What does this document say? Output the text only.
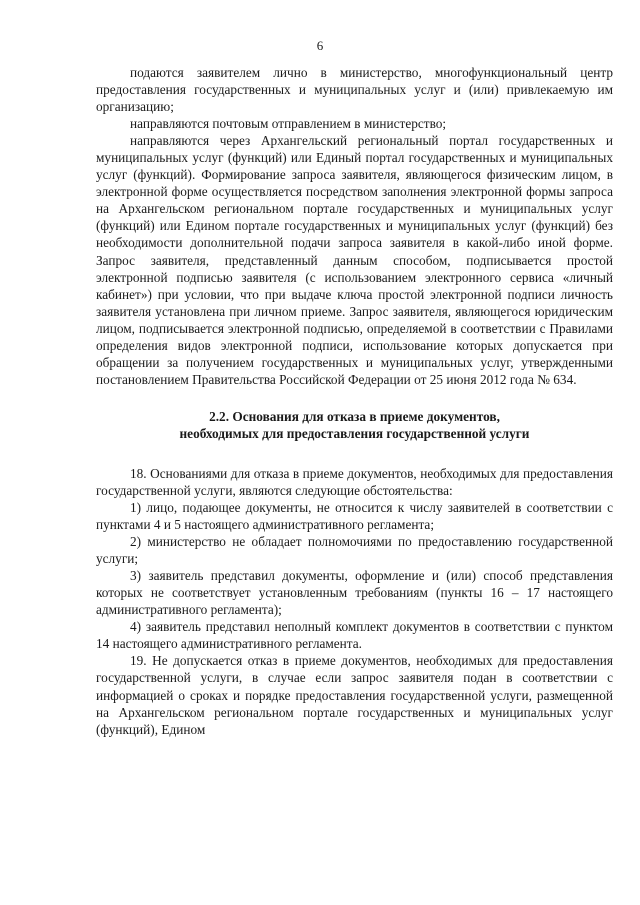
6

подаются заявителем лично в министерство, многофункциональный центр предоставления государственных и муниципальных услуг и (или) привлекаемую им организацию;

направляются почтовым отправлением в министерство;

направляются через Архангельский региональный портал государственных и муниципальных услуг (функций) или Единый портал государственных и муниципальных услуг (функций). Формирование запроса заявителя, являющегося физическим лицом, в электронной форме осуществляется посредством заполнения электронной формы запроса на Архангельском региональном портале государственных и муниципальных услуг (функций) или Едином портале государственных и муниципальных услуг (функций) без необходимости дополнительной подачи запроса заявителя в какой-либо иной форме. Запрос заявителя, представленный данным способом, подписывается простой электронной подписью заявителя (с использованием электронного сервиса «личный кабинет») при условии, что при выдаче ключа простой электронной подписи личность заявителя установлена при личном приеме. Запрос заявителя, являющегося юридическим лицом, подписывается электронной подписью, определяемой в соответствии с Правилами определения видов электронной подписи, использование которых допускается при обращении за получением государственных и муниципальных услуг, утвержденными постановлением Правительства Российской Федерации от 25 июня 2012 года № 634.

2.2. Основания для отказа в приеме документов,
необходимых для предоставления государственной услуги

18. Основаниями для отказа в приеме документов, необходимых для предоставления государственной услуги, являются следующие обстоятельства:

1) лицо, подающее документы, не относится к числу заявителей в соответствии с пунктами 4 и 5 настоящего административного регламента;

2) министерство не обладает полномочиями по предоставлению государственной услуги;

3) заявитель представил документы, оформление и (или) способ представления которых не соответствует установленным требованиям (пункты 16 – 17 настоящего административного регламента);

4) заявитель представил неполный комплект документов в соответствии с пунктом 14 настоящего административного регламента.

19. Не допускается отказ в приеме документов, необходимых для предоставления государственной услуги, в случае если запрос заявителя подан в соответствии с информацией о сроках и порядке предоставления государственной услуги, размещенной на Архангельском региональном портале государственных и муниципальных услуг (функций), Едином
